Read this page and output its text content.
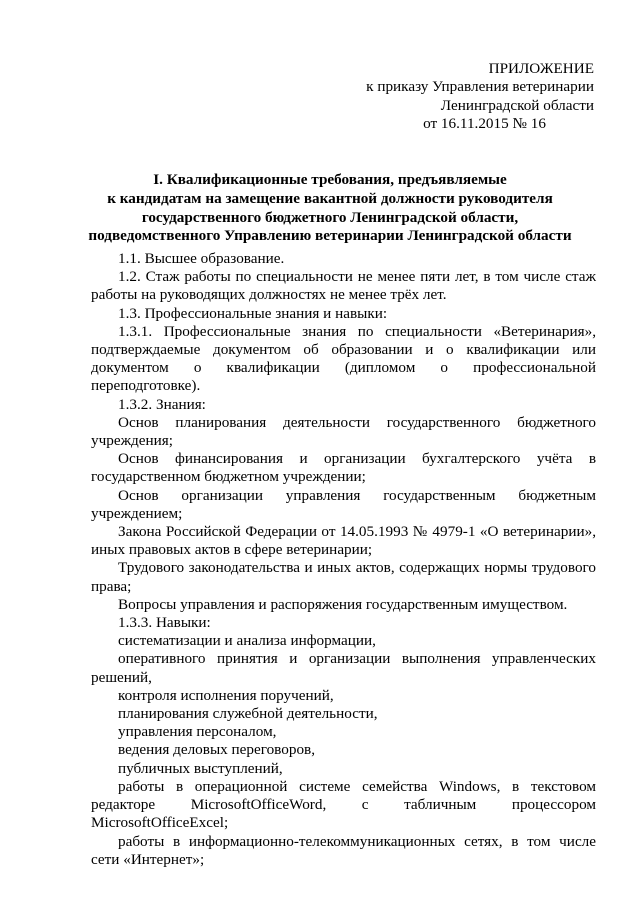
ПРИЛОЖЕНИЕ
к приказу Управления ветеринарии
Ленинградской области
от 16.11.2015 № 16
I. Квалификационные требования, предъявляемые
к кандидатам на замещение вакантной должности руководителя
государственного бюджетного Ленинградской области,
подведомственного Управлению ветеринарии Ленинградской области

1.1. Высшее образование.

1.2. Стаж работы по специальности не менее пяти лет, в том числе стаж работы на руководящих должностях не менее трёх лет.

1.3. Профессиональные знания и навыки:

1.3.1. Профессиональные знания по специальности «Ветеринария», подтверждаемые документом об образовании и о квалификации или документом о квалификации (дипломом о профессиональной переподготовке).

1.3.2. Знания:

Основ планирования деятельности государственного бюджетного учреждения;

Основ финансирования и организации бухгалтерского учёта в государственном бюджетном учреждении;

Основ организации управления государственным бюджетным учреждением;

Закона Российской Федерации от 14.05.1993 № 4979-1 «О ветеринарии», иных правовых актов в сфере ветеринарии;

Трудового законодательства и иных актов, содержащих нормы трудового права;

Вопросы управления и распоряжения государственным имуществом.

1.3.3. Навыки:

систематизации и анализа информации,

оперативного принятия и организации выполнения управленческих решений,

контроля исполнения поручений,

планирования служебной деятельности,

управления персоналом,

ведения деловых переговоров,

публичных выступлений,

работы в операционной системе семейства Windows, в текстовом редакторе MicrosoftOfficeWord, с табличным процессором MicrosoftOfficeExcel;

работы в информационно-телекоммуникационных сетях, в том числе сети «Интернет»;
